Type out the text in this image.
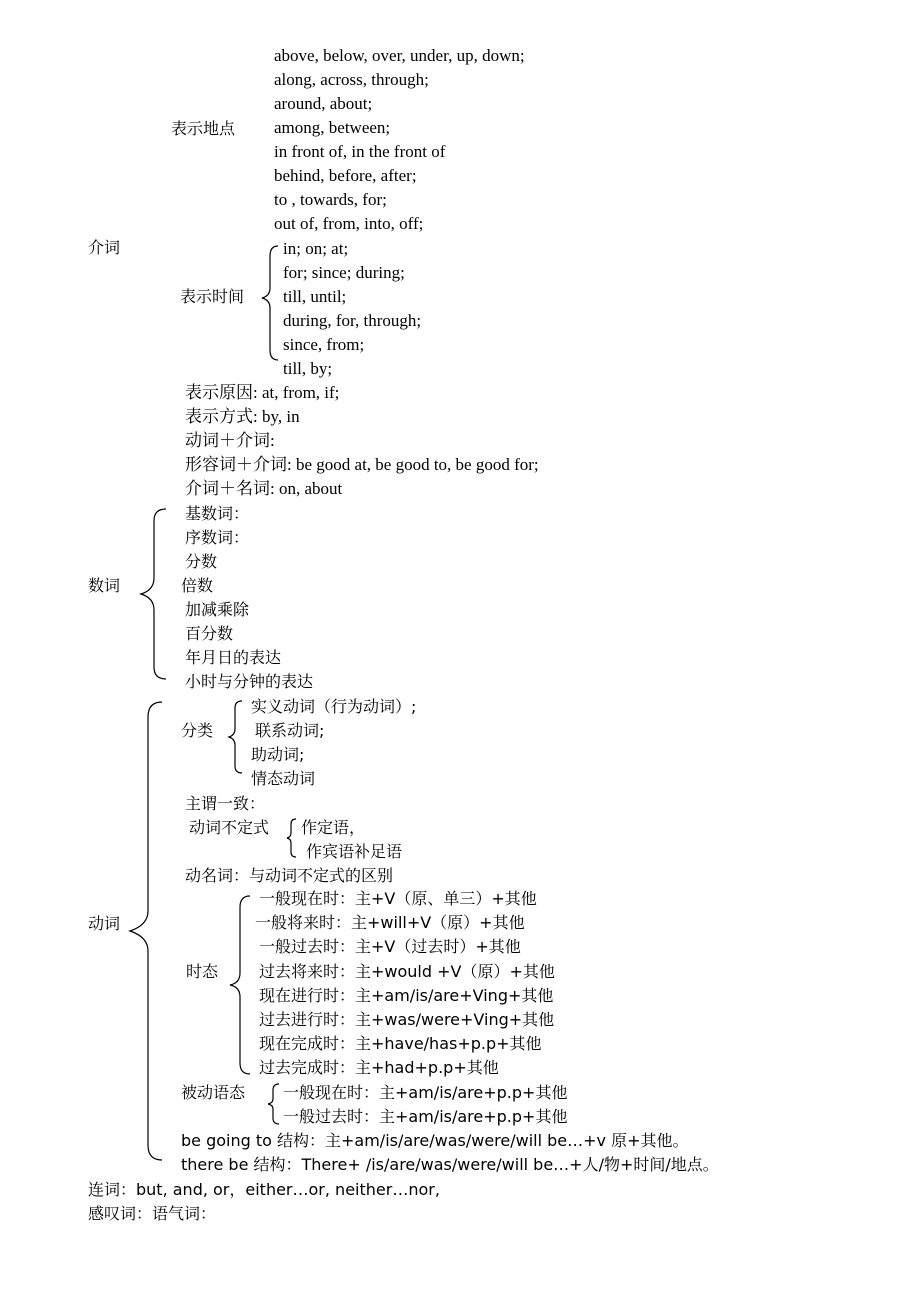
介词
表示地点
above, below, over, under, up, down;
along, across, through;
around, about;
among, between;
in front of, in the front of
behind, before, after;
to , towards, for;
out of, from, into, off;
表示时间
in; on; at;
for; since; during;
till, until;
during, for, through;
since, from;
till, by;
表示原因: at, from, if;
表示方式: by, in
动词＋介词:
形容词＋介词: be good at, be good to, be good for;
介词＋名词: on, about
数词
基数词：
序数词：
分数
倍数
加减乘除
百分数
年月日的表达
小时与分钟的表达
动词
分类
实义动词（行为动词）;
联系动词;
助动词;
情态动词
主谓一致：
动词不定式 作定语，
作宾语补足语
动名词：与动词不定式的区别
时态
一般现在时：主+V（原、单三）+其他
一般将来时：主+will+V（原）+其他
一般过去时：主+V（过去时）+其他
过去将来时：主+would +V（原）+其他
现在进行时：主+am/is/are+Ving+其他
过去进行时：主+was/were+Ving+其他
现在完成时：主+have/has+p.p+其他
过去完成时：主+had+p.p+其他
被动语态 一般现在时：主+am/is/are+p.p+其他
一般过去时：主+am/is/are+p.p+其他
be going to 结构：主+am/is/are/was/were/will be…+v 原+其他。
there be 结构：There+ /is/are/was/were/will be…+人/物+时间/地点。
连词：but, and, or，either…or, neither…nor,
感叹词：语气词：
